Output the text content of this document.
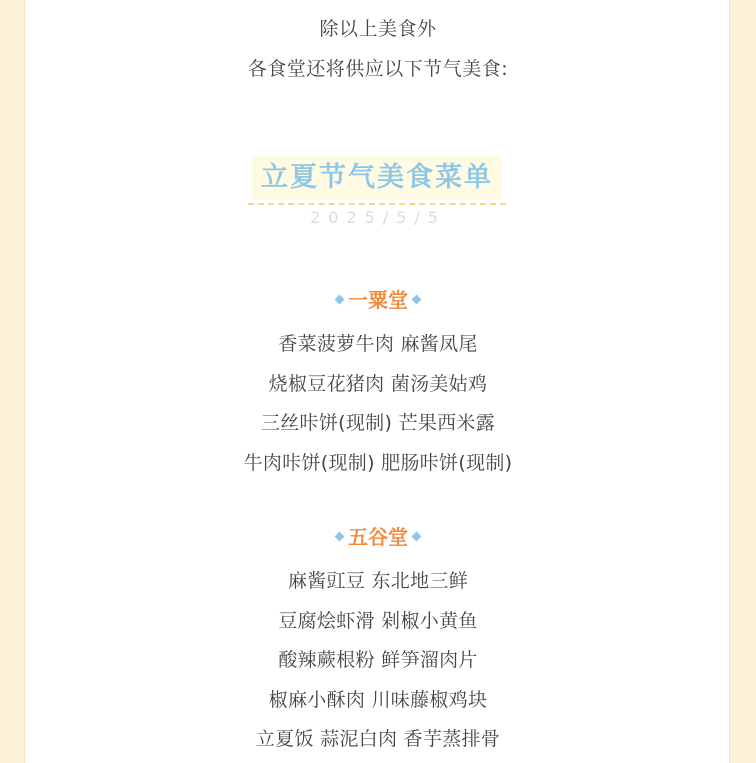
除以上美食外
各食堂还将供应以下节气美食:
立夏节气美食菜单
2025/5/5
一粟堂
香菜菠萝牛肉 麻酱凤尾
烧椒豆花猪肉 菌汤美姑鸡
三丝咔饼(现制) 芒果西米露
牛肉咔饼(现制) 肥肠咔饼(现制)
五谷堂
麻酱豇豆 东北地三鲜
豆腐烩虾滑 剁椒小黄鱼
酸辣蕨根粉 鲜笋溜肉片
椒麻小酥肉 川味藤椒鸡块
立夏饭 蒜泥白肉 香芋蒸排骨
